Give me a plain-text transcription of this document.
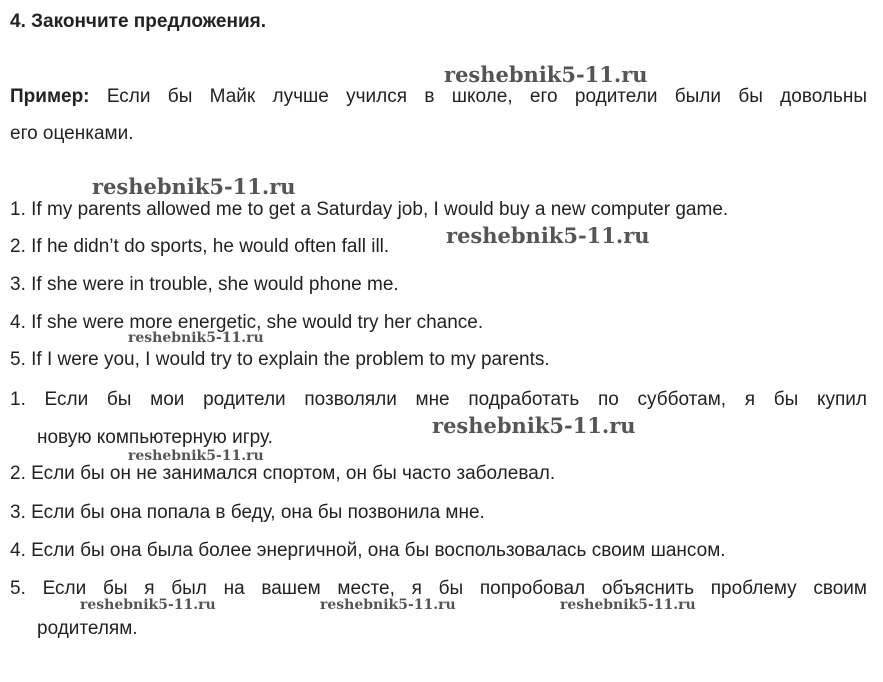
4. Закончите предложения.
Пример: Если бы Майк лучше учился в школе, его родители были бы довольны
его оценками.
1. If my parents allowed me to get a Saturday job, I would buy a new computer game.
2. If he didn’t do sports, he would often fall ill.
3. If she were in trouble, she would phone me.
4. If she were more energetic, she would try her chance.
5. If I were you, I would try to explain the problem to my parents.
1. Если бы мои родители позволяли мне подработать по субботам, я бы купил
новую компьютерную игру.
2. Если бы он не занимался спортом, он бы часто заболевал.
3. Если бы она попала в беду, она бы позвонила мне.
4. Если бы она была более энергичной, она бы воспользовалась своим шансом.
5. Если бы я был на вашем месте, я бы попробовал объяснить проблему своим
родителям.
reshebnik5-11.ru
reshebnik5-11.ru
reshebnik5-11.ru
reshebnik5-11.ru
reshebnik5-11.ru
reshebnik5-11.ru
reshebnik5-11.ru	reshebnik5-11.ru	reshebnik5-11.ru
